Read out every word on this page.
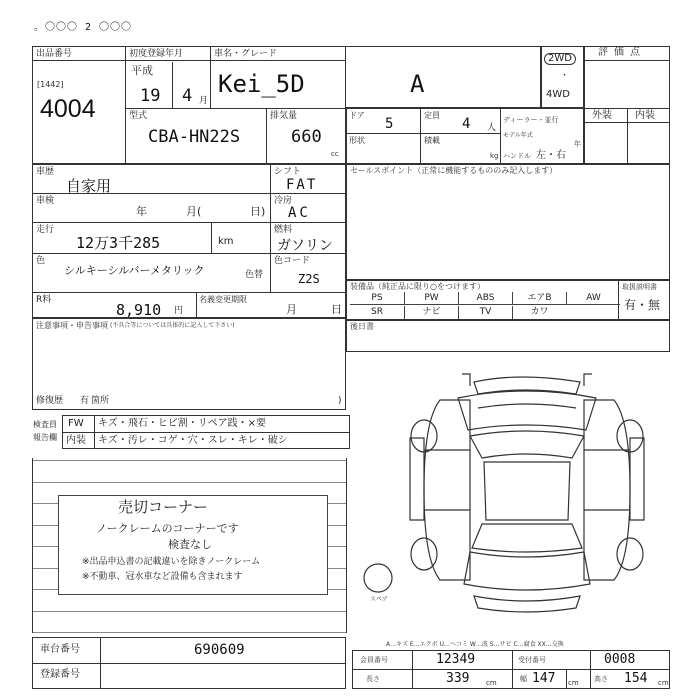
。〇〇〇 2 〇〇〇
出品番号
[1442]
4004
初度登録年月
平成
19 4 月
車名・グレード
Kei_5D	A
型式
CBA-HN22S
排気量
660
cc
ドア
5
定員
4 人
形状	積載
kg
ディーラー・並行
モデル年式
年
ハンドル 左・右
2WD
・
4WD
評価点
外装 内装
車歴
自家用
シフト
FAT
車検
年	月(	日)
冷房
AC
走行
12万3千285	km
燃料
ガソリン
色
シルキーシルバーメタリック	色替
色コード
Z2S
R料
8,910 円
名義変更期限
月	日
セールスポイント（正常に機能するもののみ記入します）
装備品（純正品に限り○をつけます）	取扱説明書
有・無
PS	PW	ABS	エアB	AW
SR	ナビ	TV	カワ
後日書
注意事項・申告事項 (不具合等については具体的に記入して下さい)
修復歴 有 箇所	)
検査員
報告欄
FW キズ・飛石・ヒビ割・リペア践・×要
内装 キズ・汚レ・コゲ・穴・スレ・キレ・破シ
売切コーナー
ノークレームのコーナーです
検査なし
※出品申込書の記載違いを除きノークレーム
※不動車、冠水車など設備も含まれます
スペア
A…キズ E…エクボ U…ヘコミ W…波 S…サビ C…腐食 XX…交換
車台番号	690609
登録番号
会員番号	12349	受付番号	0008
長さ	339 cm	幅 147 cm 高さ 154 cm
